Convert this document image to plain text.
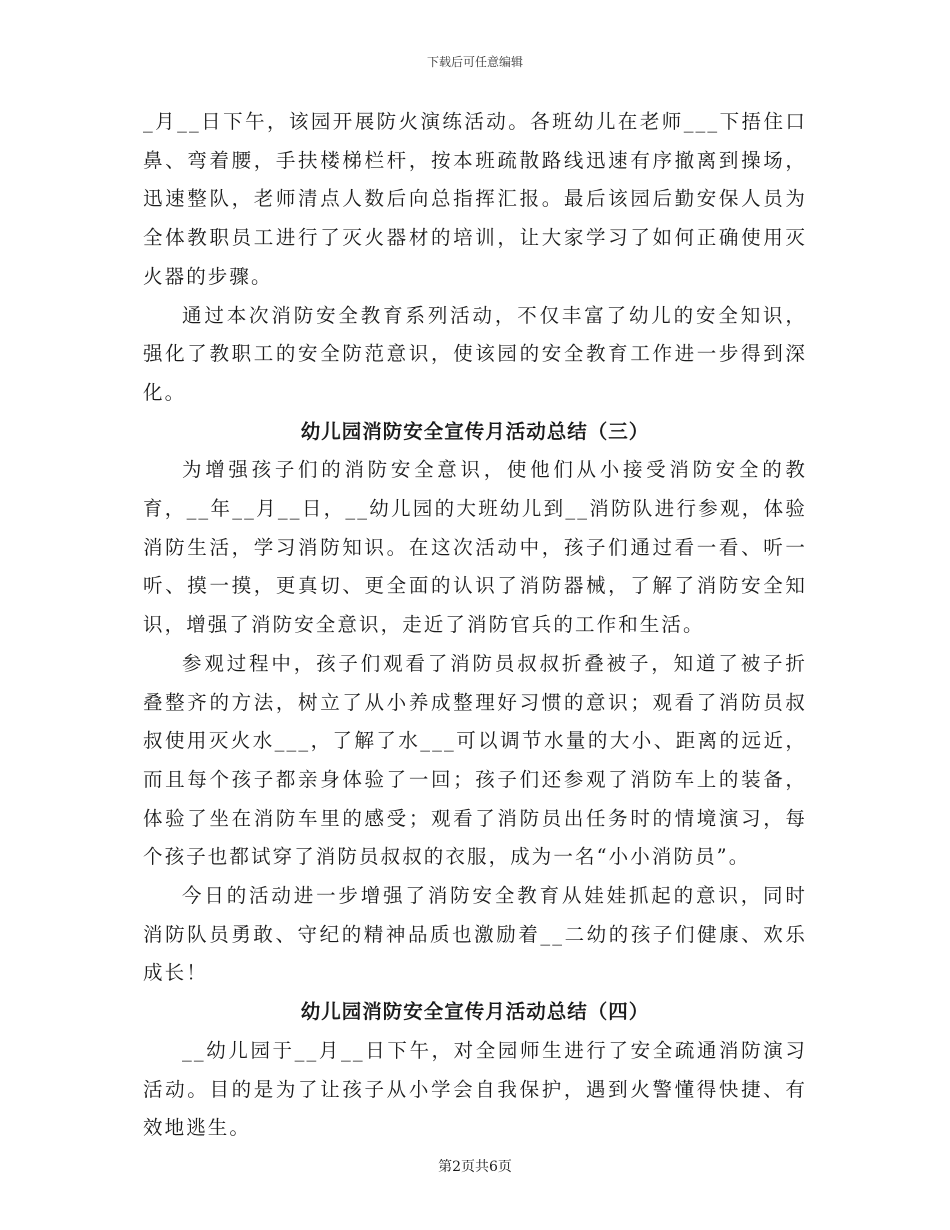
下载后可任意编辑

_月__日下午，该园开展防火演练活动。各班幼儿在老师___下捂住口鼻、弯着腰，手扶楼梯栏杆，按本班疏散路线迅速有序撤离到操场，迅速整队，老师清点人数后向总指挥汇报。最后该园后勤安保人员为全体教职员工进行了灭火器材的培训，让大家学习了如何正确使用灭火器的步骤。

通过本次消防安全教育系列活动，不仅丰富了幼儿的安全知识，强化了教职工的安全防范意识，使该园的安全教育工作进一步得到深化。

幼儿园消防安全宣传月活动总结（三）

为增强孩子们的消防安全意识，使他们从小接受消防安全的教育，__年__月__日，__幼儿园的大班幼儿到__消防队进行参观，体验消防生活，学习消防知识。在这次活动中，孩子们通过看一看、听一听、摸一摸，更真切、更全面的认识了消防器械，了解了消防安全知识，增强了消防安全意识，走近了消防官兵的工作和生活。

参观过程中，孩子们观看了消防员叔叔折叠被子，知道了被子折叠整齐的方法，树立了从小养成整理好习惯的意识；观看了消防员叔叔使用灭火水___，了解了水___可以调节水量的大小、距离的远近，而且每个孩子都亲身体验了一回；孩子们还参观了消防车上的装备，体验了坐在消防车里的感受；观看了消防员出任务时的情境演习，每个孩子也都试穿了消防员叔叔的衣服，成为一名“小小消防员”。

今日的活动进一步增强了消防安全教育从娃娃抓起的意识，同时消防队员勇敢、守纪的精神品质也激励着__二幼的孩子们健康、欢乐成长！

幼儿园消防安全宣传月活动总结（四）

__幼儿园于__月__日下午，对全园师生进行了安全疏通消防演习活动。目的是为了让孩子从小学会自我保护，遇到火警懂得快捷、有效地逃生。

第2页共6页
